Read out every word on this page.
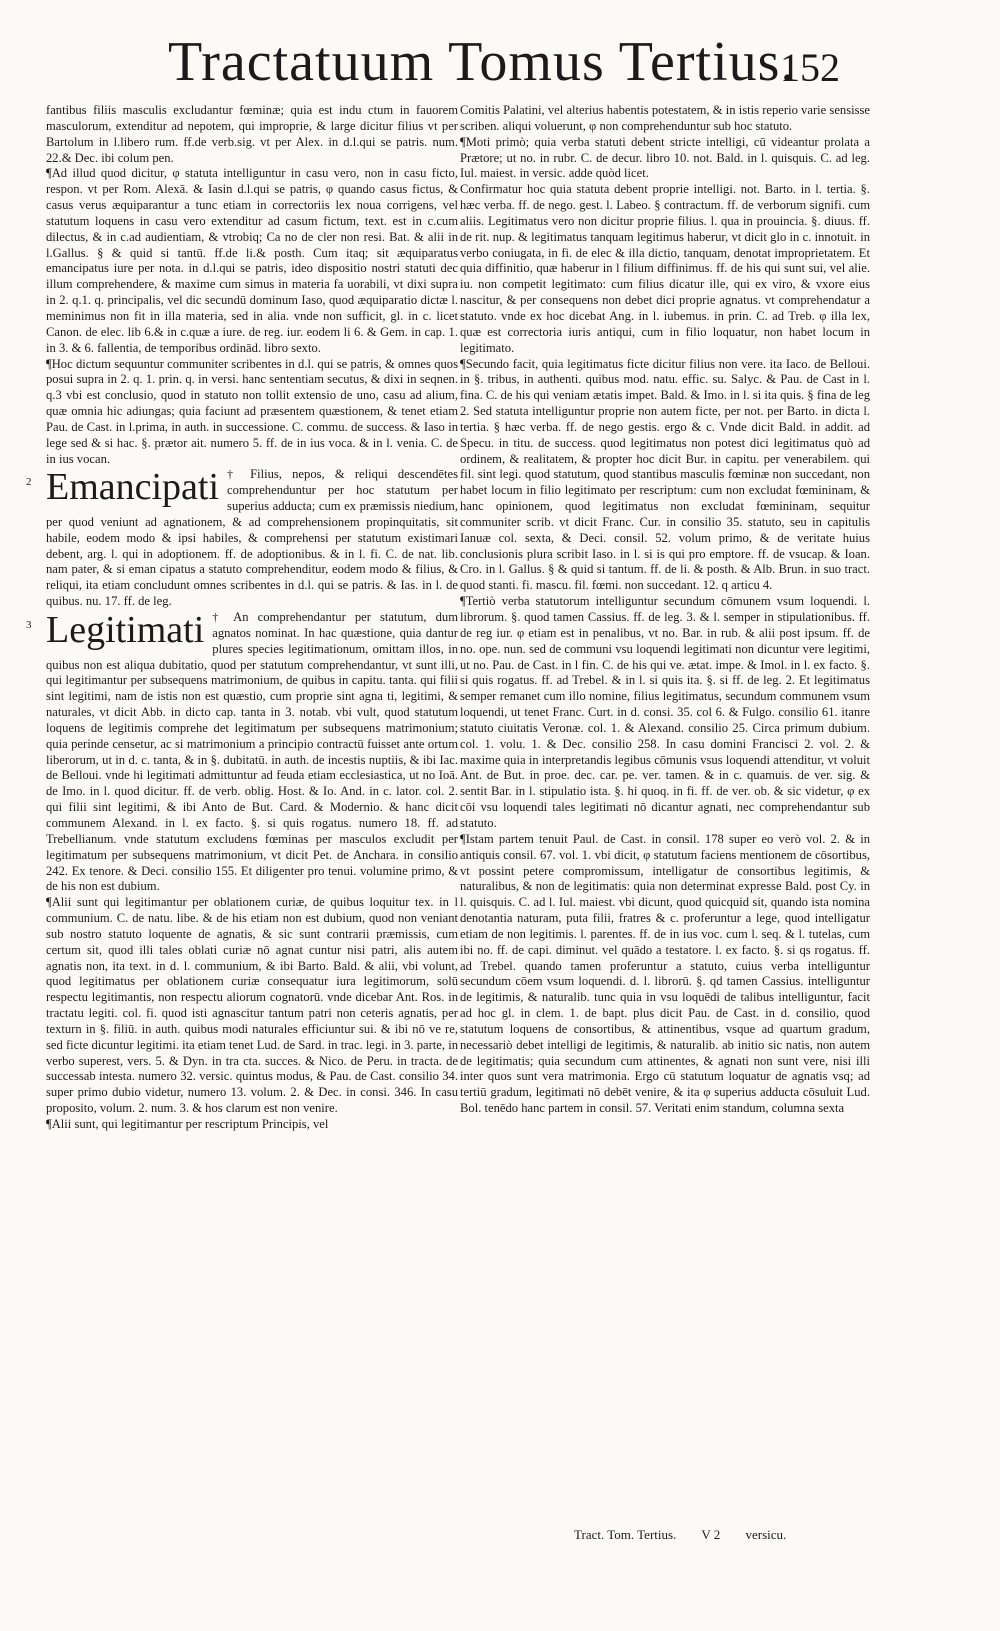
Tractatuum Tomus Tertius.
152

fantibus filiis masculis excludantur fœminæ; quia est indu ctum in fauorem masculorum, extenditur ad nepotem, qui improprie, & large dicitur filius vt per Bartolum in l.libero rum. ff.de verb.sig. vt per Alex. in d.l.qui se patris. num. 22.& Dec. ibi colum pen.

¶Ad illud quod dicitur, φ statuta intelliguntur in casu vero, non in casu ficto, respon. vt per Rom. Alexā. & Iasin d.l.qui se patris, φ quando casus fictus, & casus verus æquiparantur a tunc etiam in correctoriis lex noua corrigens, vel statutum loquens in casu vero extenditur ad casum fictum, text. est in c.cum dilectus, & in c.ad audientiam, & vtrobiq; Ca no de cler non resi. Bat. & alii in l.Gallus. § & quid si tantū. ff.de li.& posth. Cum itaq; sit æquiparatus emancipatus iure per nota. in d.l.qui se patris, ideo dispositio nostri statuti dec illum comprehendere, & maxime cum simus in materia fa uorabili, vt dixi supra in 2. q.1. q. principalis, vel dic secundū dominum Iaso, quod æquiparatio dictæ l. meminimus non fit in illa materia, sed in alia. vnde non sufficit, gl. in c. licet Canon. de elec. lib 6.& in c.quæ a iure. de reg. iur. eodem li 6. & Gem. in cap. 1. in 3. & 6. fallentia, de temporibus ordinād. libro sexto.

¶Hoc dictum sequuntur communiter scribentes in d.l. qui se patris, & omnes quos posui supra in 2. q. 1. prin. q. in versi. hanc sententiam secutus, & dixi in seqnen. q.3 vbi est conclusio, quod in statuto non tollit extensio de uno, casu ad alium, quæ omnia hic adiungas; quia faciunt ad præsentem quæstionem, & tenet etiam Pau. de Cast. in l.prima, in auth. in successione. C. commu. de success. & Iaso in lege sed & si hac. §. prætor ait. numero 5. ff. de in ius voca. & in l. venia. C. de in ius vocan.

2 Emancipati † Filius, nepos, & reliqui descendētes comprehenduntur per hoc statutum per superius adducta; cum ex præmissis niedium, per quod veniunt ad agnationem, & ad comprehensionem propinquitatis, sit habile, eodem modo & ipsi habiles, & comprehensi per statutum existimari debent, arg. l. qui in adoptionem. ff. de adoptionibus. & in l. fi. C. de nat. lib. nam pater, & si eman cipatus a statuto comprehenditur, eodem modo & filius, & reliqui, ita etiam concludunt omnes scribentes in d.l. qui se patris. & Ias. in l. de quibus. nu. 17. ff. de leg.

3 Legitimati † An comprehendantur per statutum, dum agnatos nominat. In hac quæstione, quia dantur plures species legitimationum, omittam illos, in quibus non est aliqua dubitatio, quod per statutum comprehendantur, vt sunt illi, qui legitimantur per subsequens matrimonium, de quibus in capitu. tanta. qui filii sint legitimi, nam de istis non est quæstio, cum proprie sint agna ti, legitimi, & naturales, vt dicit Abb. in dicto cap. tanta in 3. notab. vbi vult, quod statutum loquens de legitimis comprehe det legitimatum per subsequens matrimonium; quia perinde censetur, ac si matrimonium a principio contractū fuisset ante ortum liberorum, ut in d. c. tanta, & in §. dubitatū. in auth. de incestis nuptiis, & ibi Iac. de Belloui. vnde hi legitimati admittuntur ad feuda etiam ecclesiastica, ut no Ioā. de Imo. in l. quod dicitur. ff. de verb. oblig. Host. & Io. And. in c. lator. col. 2. qui filii sint legitimi, & ibi Anto de But. Card. & Modernio. & hanc dicit communem Alexand. in l. ex facto. §. si quis rogatus. numero 18. ff. ad Trebellianum. vnde statutum excludens fœminas per masculos excludit per legitimatum per subsequens matrimonium, vt dicit Pet. de Anchara. in consilio 242. Ex tenore. & Deci. consilio 155. Et diligenter pro tenui. volumine primo, & de his non est dubium.

¶Alii sunt qui legitimantur per oblationem curiæ, de quibus loquitur tex. in l communium. C. de natu. libe. & de his etiam non est dubium, quod non veniant sub nostro statuto loquente de agnatis, & sic sunt contrarii præmissis, cum certum sit, quod illi tales oblati curiæ nō agnat cuntur nisi patri, alis autem agnatis non, ita text. in d. l. communium, & ibi Barto. Bald. & alii, vbi volunt, quod legitimatus per oblationem curiæ consequatur iura legitimorum, solū respectu legitimantis, non respectu aliorum cognatorū. vnde dicebar Ant. Ros. in tractatu legiti. col. fi. quod isti agnascitur tantum patri non ceteris agnatis, per texturn in §. filiū. in auth. quibus modi naturales efficiuntur sui. & ibi nō ve re, sed ficte dicuntur legitimi. ita etiam tenet Lud. de Sard. in trac. legi. in 3. parte, in verbo superest, vers. 5. & Dyn. in tra cta. succes. & Nico. de Peru. in tracta. de successab intesta. numero 32. versic. quintus modus, & Pau. de Cast. consilio 34. super primo dubio videtur, numero 13. volum. 2. & Dec. in consi. 346. In casu proposito, volum. 2. num. 3. & hos clarum est non venire.

¶Alii sunt, qui legitimantur per rescriptum Principis, vel

Comitis Palatini, vel alterius habentis potestatem, & in istis reperio varie sensisse scriben. aliqui voluerunt, φ non comprehenduntur sub hoc statuto.

¶Moti primò; quia verba statuti debent stricte intelligi, cū videantur prolata a Prætore; ut no. in rubr. C. de decur. libro 10. not. Bald. in l. quisquis. C. ad leg. Iul. maiest. in versic. adde quòd licet.

Confirmatur hoc quia statuta debent proprie intelligi. not. Barto. in l. tertia. §. hæc verba. ff. de nego. gest. l. Labeo. § contractum. ff. de verborum signifi. cum aliis. Legitimatus vero non dicitur proprie filius. l. qua in prouincia. §. diuus. ff. de rit. nup. & legitimatus tanquam legitimus haberur, vt dicit glo in c. innotuit. in verbo coniugata, in fi. de elec & illa dictio, tanquam, denotat improprietatem. Et quia diffinitio, quæ haberur in l filium diffinimus. ff. de his qui sunt sui, vel alie. iu. non competit legitimato: cum filius dicatur ille, qui ex viro, & vxore eius nascitur, & per consequens non debet dici proprie agnatus. vt comprehendatur a statuto. vnde ex hoc dicebat Ang. in l. iubemus. in prin. C. ad Treb. φ illa lex, quæ est correctoria iuris antiqui, cum in filio loquatur, non habet locum in legitimato.

¶Secundo facit, quia legitimatus ficte dicitur filius non vere. ita Iaco. de Belloui. in §. tribus, in authenti. quibus mod. natu. effic. su. Salyc. & Pau. de Cast in l. fina. C. de his qui veniam ætatis impet. Bald. & Imo. in l. si ita quis. § fina de leg 2. Sed statuta intelliguntur proprie non autem ficte, per not. per Barto. in dicta l. tertia. § hæc verba. ff. de nego gestis. ergo & c. Vnde dicit Bald. in addit. ad Specu. in titu. de success. quod legitimatus non potest dici legitimatus quò ad ordinem, & realitatem, & propter hoc dicit Bur. in capitu. per venerabilem. qui fil. sint legi. quod statutum, quod stantibus masculis fœminæ non succedant, non habet locum in filio legitimato per rescriptum: cum non excludat fœmininam, & hanc opinionem, quod legitimatus non excludat fœmininam, sequitur communiter scrib. vt dicit Franc. Cur. in consilio 35. statuto, seu in capitulis Ianuæ col. sexta, & Deci. consil. 52. volum primo, & de veritate huius conclusionis plura scribit Iaso. in l. si is qui pro emptore. ff. de vsucap. & Ioan. Cro. in l. Gallus. § & quid si tantum. ff. de li. & posth. & Alb. Brun. in suo tract. quod stanti. fi. mascu. fil. fœmi. non succedant. 12. q articu 4.

¶Tertiò verba statutorum intelliguntur secundum cōmunem vsum loquendi. l. librorum. §. quod tamen Cassius. ff. de leg. 3. & l. semper in stipulationibus. ff. de reg iur. φ etiam est in penalibus, vt no. Bar. in rub. & alii post ipsum. ff. de no. ope. nun. sed de communi vsu loquendi legitimati non dicuntur vere legitimi, ut no. Pau. de Cast. in l fin. C. de his qui ve. ætat. impe. & Imol. in l. ex facto. §. si quis rogatus. ff. ad Trebel. & in l. si quis ita. §. si ff. de leg. 2. Et legitimatus semper remanet cum illo nomine, filius legitimatus, secundum communem vsum loquendi, ut tenet Franc. Curt. in d. consi. 35. col 6. & Fulgo. consilio 61. itanre statuto ciuitatis Veronæ. col. 1. & Alexand. consilio 25. Circa primum dubium. col. 1. volu. 1. & Dec. consilio 258. In casu domini Francisci 2. vol. 2. & maxime quia in interpretandis legibus cōmunis vsus loquendi attenditur, vt voluit Ant. de But. in proe. dec. car. pe. ver. tamen. & in c. quamuis. de ver. sig. & sentit Bar. in l. stipulatio ista. §. hi quoq. in fi. ff. de ver. ob. & sic videtur, φ ex cōi vsu loquendi tales legitimati nō dicantur agnati, nec comprehendantur sub statuto.

¶Istam partem tenuit Paul. de Cast. in consil. 178 super eo verò vol. 2. & in antiquis consil. 67. vol. 1. vbi dicit, φ statutum faciens mentionem de cōsortibus, vt possint petere compromissum, intelligatur de consortibus legitimis, & naturalibus, & non de legitimatis: quia non determinat expresse Bald. post Cy. in l. quisquis. C. ad l. Iul. maiest. vbi dicunt, quod quicquid sit, quando ista nomina denotantia naturam, puta filii, fratres & c. proferuntur a lege, quod intelligatur etiam de non legitimis. l. parentes. ff. de in ius voc. cum l. seq. & l. tutelas, cum ibi no. ff. de capi. diminut. vel quādo a testatore. l. ex facto. §. si qs rogatus. ff. ad Trebel. quando tamen proferuntur a statuto, cuius verba intelliguntur secundum cōem vsum loquendi. d. l. librorū. §. qd tamen Cassius. intelliguntur de legitimis, & naturalib. tunc quia in vsu loquēdi de talibus intelliguntur, facit ad hoc gl. in clem. 1. de bapt. plus dicit Pau. de Cast. in d. consilio, quod statutum loquens de consortibus, & attinentibus, vsque ad quartum gradum, necessariò debet intelligi de legitimis, & naturalib. ab initio sic natis, non autem de legitimatis; quia secundum cum attinentes, & agnati non sunt vere, nisi illi inter quos sunt vera matrimonia. Ergo cū statutum loquatur de agnatis vsq; ad tertiū gradum, legitimati nō debēt venire, & ita φ superius adducta cōsuluit Lud. Bol. tenēdo hanc partem in consil. 57. Veritati enim standum, columna sexta

Tract. Tom. Tertius. V 2 versicu.
